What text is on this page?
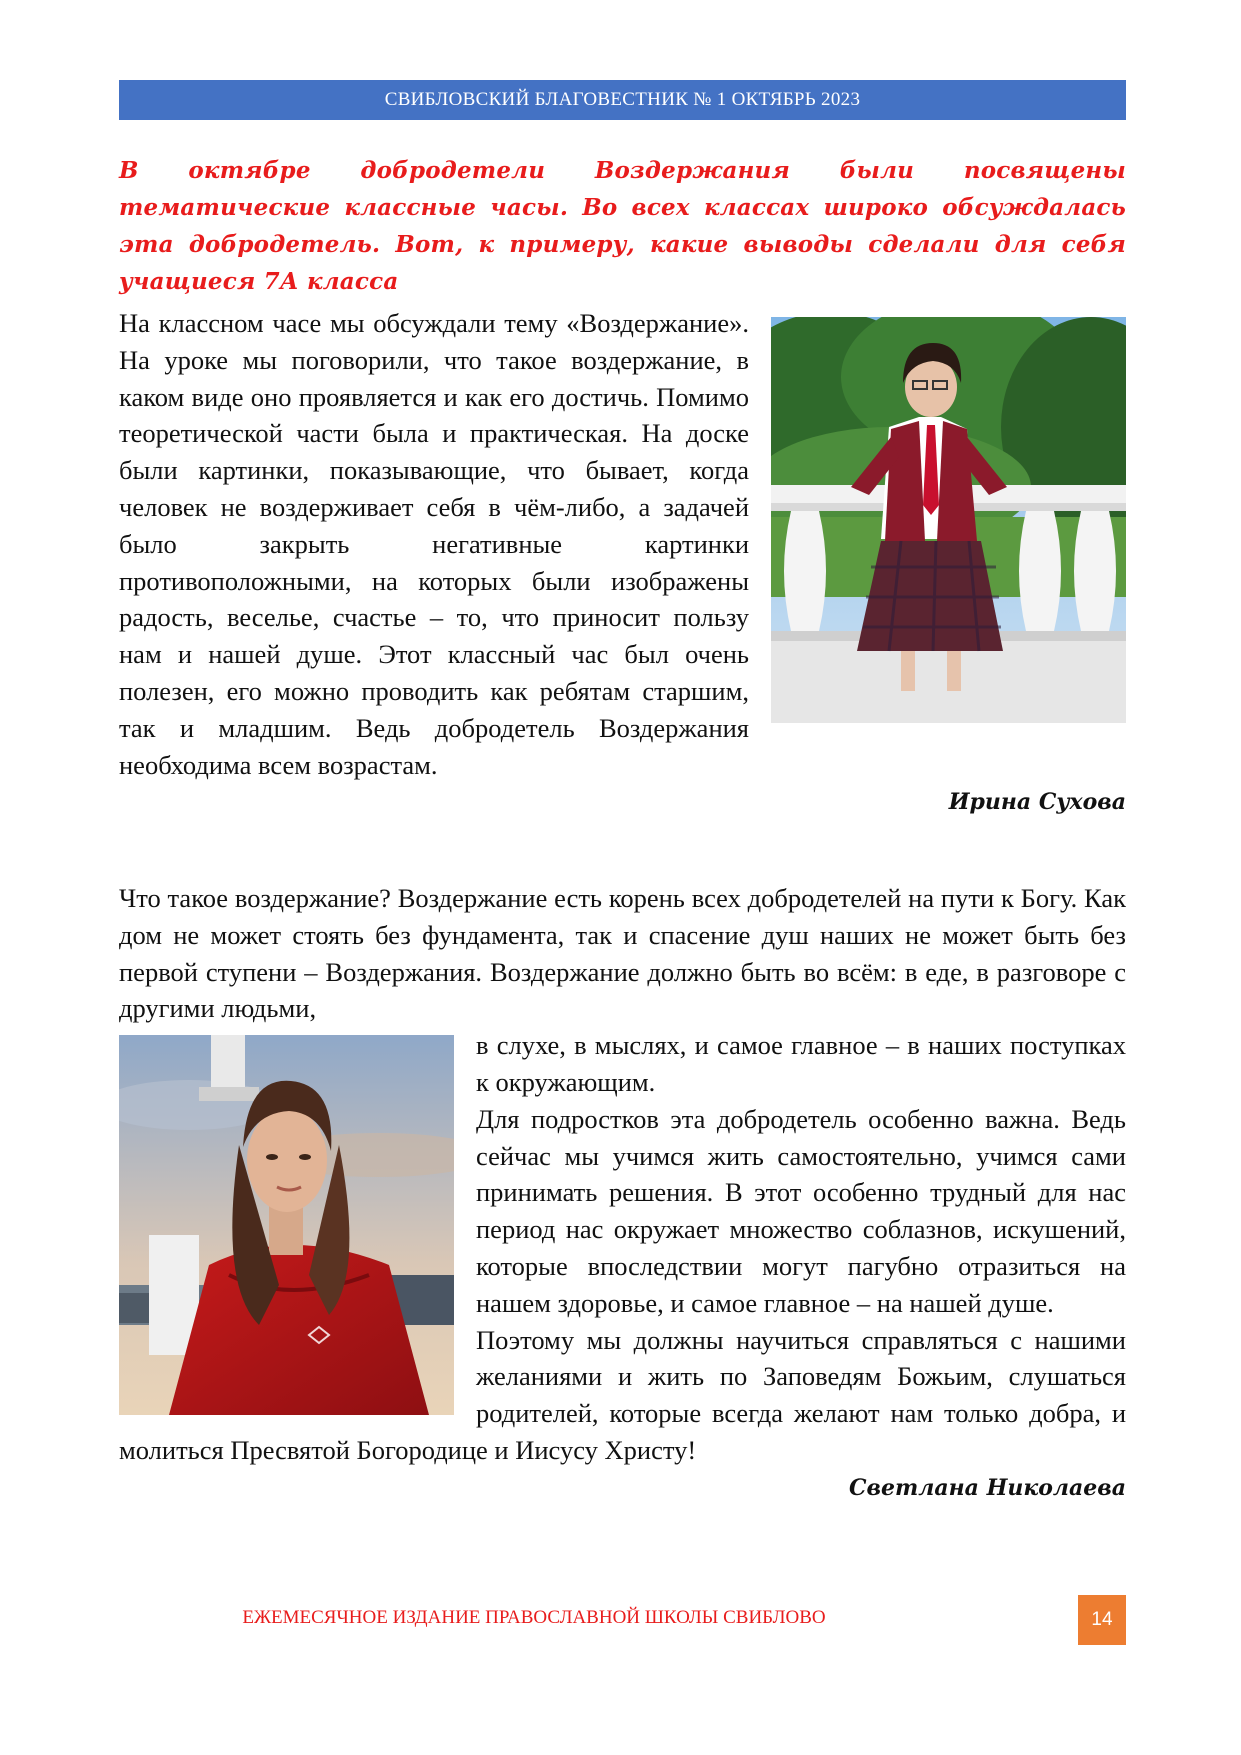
СВИБЛОВСКИЙ БЛАГОВЕСТНИК № 1 ОКТЯБРЬ 2023
В октябре добродетели Воздержания были посвящены тематические классные часы. Во всех классах широко обсуждалась эта добродетель. Вот, к примеру, какие выводы сделали для себя учащиеся 7А класса

На классном часе мы обсуждали тему «Воздержание». На уроке мы поговорили, что такое воздержание, в каком виде оно проявляется и как его достичь. Помимо теоретической части была и практическая. На доске были картинки, показывающие, что бывает, когда человек не воздерживает себя в чём-либо, а задачей было закрыть негативные картинки противоположными, на которых были изображены радость, веселье, счастье – то, что приносит пользу нам и нашей душе. Этот классный час был очень полезен, его можно проводить как ребятам старшим, так и младшим. Ведь добродетель Воздержания необходима всем возрастам.

Ирина Сухова

Что такое воздержание? Воздержание есть корень всех добродетелей на пути к Богу. Как дом не может стоять без фундамента, так и спасение душ наших не может быть без первой ступени – Воздержания. Воздержание должно быть во всём: в еде, в разговоре с другими людьми,

в слухе, в мыслях, и самое главное – в наших поступках к окружающим.

Для подростков эта добродетель особенно важна. Ведь сейчас мы учимся жить самостоятельно, учимся сами принимать решения. В этот особенно трудный для нас период нас окружает множество соблазнов, искушений, которые впоследствии могут пагубно отразиться на нашем здоровье, и самое главное – на нашей душе.

Поэтому мы должны научиться справляться с нашими желаниями и жить по Заповедям Божьим, слушаться родителей, которые всегда желают нам только добра, и молиться Пресвятой Богородице и Иисусу Христу!

Светлана Николаева
ЕЖЕМЕСЯЧНОЕ ИЗДАНИЕ ПРАВОСЛАВНОЙ ШКОЛЫ СВИБЛОВО	14
